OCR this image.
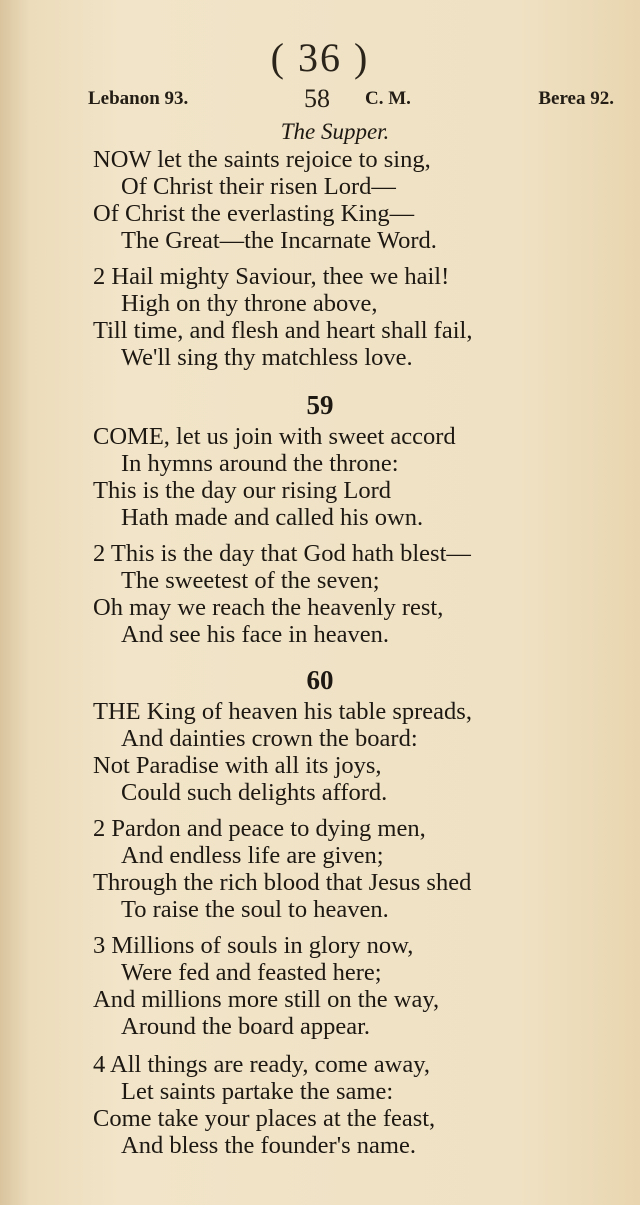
( 36 )
Lebanon 93.	58 C. M.	Berea 92.
The Supper.
NOW let the saints rejoice to sing,
Of Christ their risen Lord—
Of Christ the everlasting King—
The Great—the Incarnate Word.
2 Hail mighty Saviour, thee we hail!
High on thy throne above,
Till time, and flesh and heart shall fail,
We'll sing thy matchless love.
59
COME, let us join with sweet accord
In hymns around the throne:
This is the day our rising Lord
Hath made and called his own.
2 This is the day that God hath blest—
The sweetest of the seven;
Oh may we reach the heavenly rest,
And see his face in heaven.
60
THE King of heaven his table spreads,
And dainties crown the board:
Not Paradise with all its joys,
Could such delights afford.
2 Pardon and peace to dying men,
And endless life are given;
Through the rich blood that Jesus shed
To raise the soul to heaven.
3 Millions of souls in glory now,
Were fed and feasted here;
And millions more still on the way,
Around the board appear.
4 All things are ready, come away,
Let saints partake the same:
Come take your places at the feast,
And bless the founder's name.
